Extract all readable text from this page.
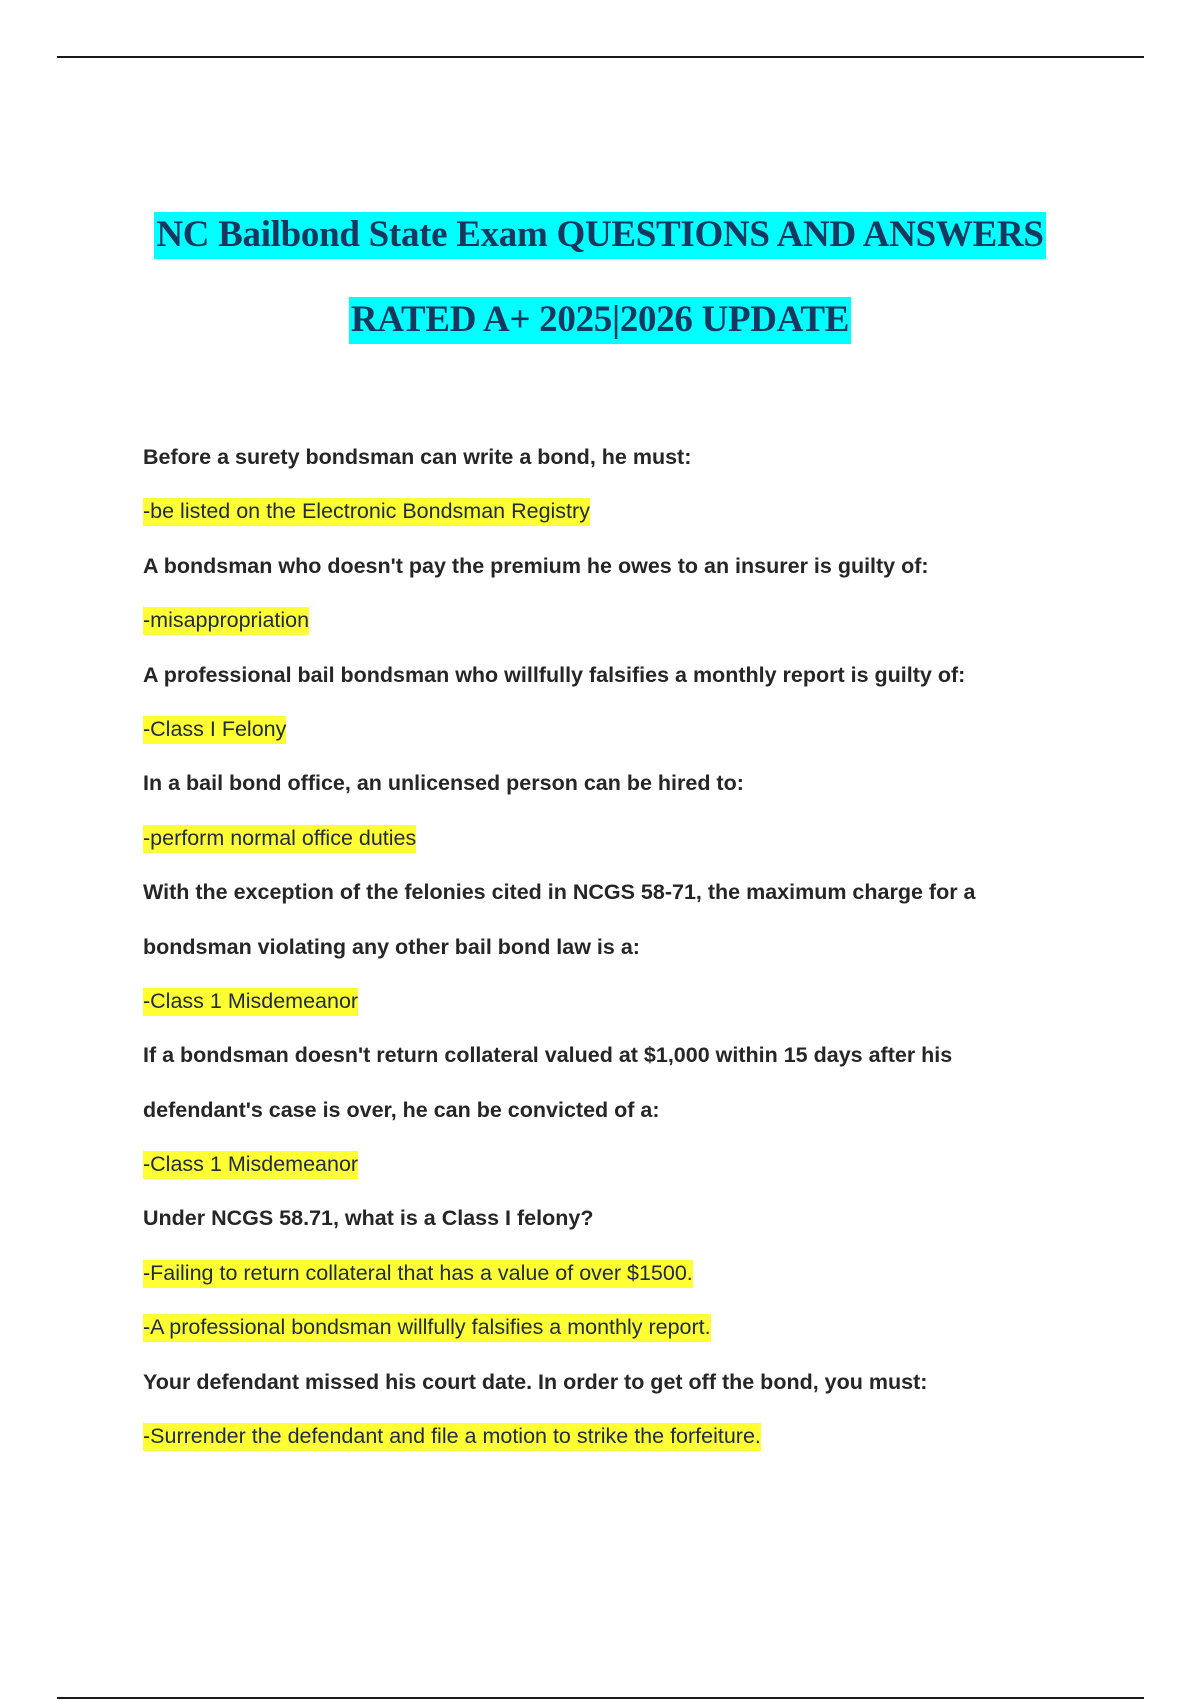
NC Bailbond State Exam QUESTIONS AND ANSWERS
RATED A+ 2025|2026 UPDATE
Before a surety bondsman can write a bond, he must:
-be listed on the Electronic Bondsman Registry
A bondsman who doesn't pay the premium he owes to an insurer is guilty of:
-misappropriation
A professional bail bondsman who willfully falsifies a monthly report is guilty of:
-Class I Felony
In a bail bond office, an unlicensed person can be hired to:
-perform normal office duties
With the exception of the felonies cited in NCGS 58-71, the maximum charge for a
bondsman violating any other bail bond law is a:
-Class 1 Misdemeanor
If a bondsman doesn't return collateral valued at $1,000 within 15 days after his
defendant's case is over, he can be convicted of a:
-Class 1 Misdemeanor
Under NCGS 58.71, what is a Class I felony?
-Failing to return collateral that has a value of over $1500.
-A professional bondsman willfully falsifies a monthly report.
Your defendant missed his court date. In order to get off the bond, you must:
-Surrender the defendant and file a motion to strike the forfeiture.
